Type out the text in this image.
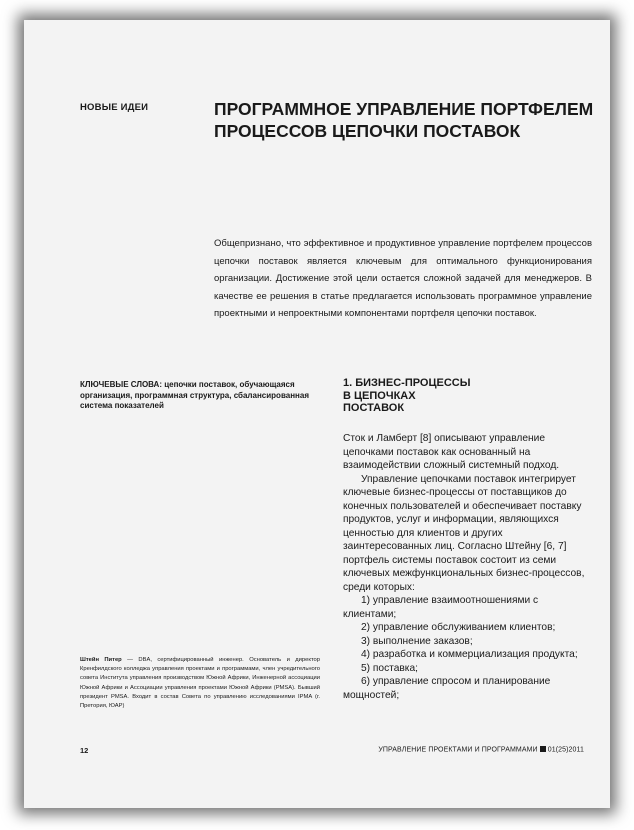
НОВЫЕ ИДЕИ	ПРОГРАММНОЕ УПРАВЛЕНИЕ ПОРТФЕЛЕМ
ПРОЦЕССОВ ЦЕПОЧКИ ПОСТАВОК
Общепризнано, что эффективное и продуктивное управление портфелем процессов цепочки поставок является ключевым для оптимального функционирования организации. Достижение этой цели остается сложной задачей для менеджеров. В качестве ее решения в статье предлагается использовать программное управление проектными и непроектными компонентами портфеля цепочки поставок.
КЛЮЧЕВЫЕ СЛОВА: цепочки поставок, обучающаяся организация, программная структура, сбалансированная система показателей
Штейн Питер — DBA, сертифицированный инженер. Основатель и директор Кренфилдского колледжа управления проектами и программами, член учредительного совета Института управления производством Южной Африки, Инженерной ассоциации Южной Африки и Ассоциации управления проектами Южной Африки (PMSA). Бывший президент PMSA. Входит в состав Совета по управлению исследованиями IPMA (г. Претория, ЮАР)
1. БИЗНЕС-ПРОЦЕССЫ
В ЦЕПОЧКАХ
ПОСТАВОК

Сток и Ламберт [8] описывают управление цепочками поставок как основанный на взаимодействии сложный системный подход.

Управление цепочками поставок интегрирует ключевые бизнес-процессы от поставщиков до конечных пользователей и обеспечивает поставку продуктов, услуг и информации, являющихся ценностью для клиентов и других заинтересованных лиц. Согласно Штейну [6, 7] портфель системы поставок состоит из семи ключевых межфункциональных бизнес-процессов, среди которых:

1) управление взаимоотношениями с клиентами;

2) управление обслуживанием клиентов;

3) выполнение заказов;

4) разработка и коммерциализация продукта;

5) поставка;

6) управление спросом и планирование мощностей;

12	УПРАВЛЕНИЕ ПРОЕКТАМИ И ПРОГРАММАМИ 01(25)2011
